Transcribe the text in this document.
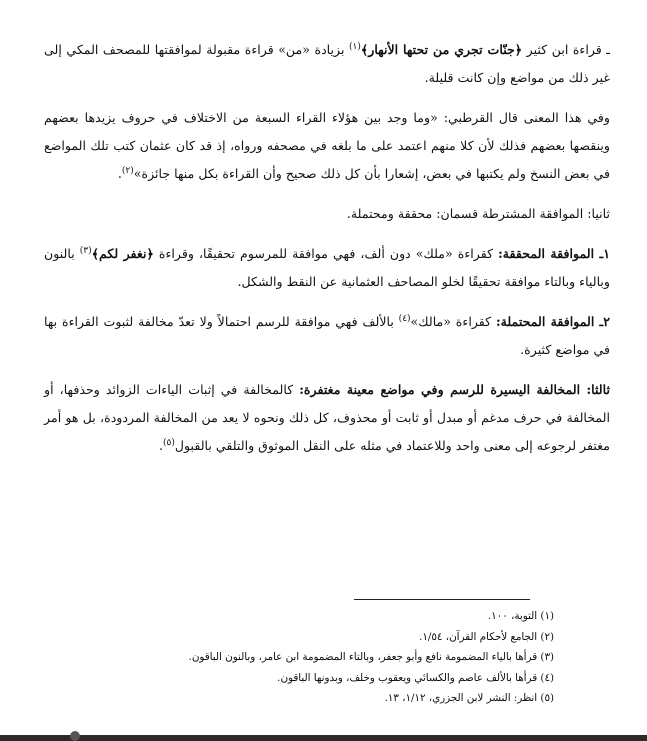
ـ قراءة ابن كثير ﴿جنّات تجري من تحتها الأنهار﴾$^{(١)}$ بزيادة «من» قراءة مقبولة لموافقتها للمصحف المكي إلى غير ذلك من مواضع وإن كانت قليلة.

وفي هذا المعنى قال القرطبي: «وما وجد بين هؤلاء القراء السبعة من الاختلاف في حروف يزيدها بعضهم وينقصها بعضهم فذلك لأن كلا منهم اعتمد على ما بلغه في مصحفه ورواه، إذ قد كان عثمان كتب تلك المواضع في بعض النسخ ولم يكتبها في بعض، إشعارا بأن كل ذلك صحيح وأن القراءة بكل منها جائزة»$^{(٢)}$.

ثانيا: الموافقة المشترطة قسمان: محققة ومحتملة.

١ـ الموافقة المحققة: كقراءة «ملك» دون ألف، فهي موافقة للمرسوم تحقيقًا، وقراءة ﴿نغفر لكم﴾$^{(٣)}$ بالنون وبالياء وبالتاء موافقة تحقيقًا لخلو المصاحف العثمانية عن النقط والشكل.

٢ـ الموافقة المحتملة: كقراءة «مالك»$^{(٤)}$ بالألف فهي موافقة للرسم احتمالاً ولا تعدّ مخالفة لثبوت القراءة بها في مواضع كثيرة.

ثالثا: المخالفة اليسيرة للرسم وفي مواضع معينة مغتفرة: كالمخالفة في إثبات الياءات الزوائد وحذفها، أو المخالفة في حرف مدغم أو مبدل أو ثابت أو محذوف، كل ذلك ونحوه لا يعد من المخالفة المردودة، بل هو أمر مغتفر لرجوعه إلى معنى واحد وللاعتماد في مثله على النقل الموثوق والتلقي بالقبول$^{(٥)}$.

(١) التوبة، ١٠٠.

(٢) الجامع لأحكام القرآن، ١/٥٤.

(٣) قرأها بالياء المضمومة نافع وأبو جعفر، وبالتاء المضمومة ابن عامر، وبالنون الباقون.

(٤) قرأها بالألف عاصم والكسائي ويعقوب وخلف، وبدونها الباقون.

(٥) انظر: النشر لابن الجزري، ١/١٢، ١٣.
